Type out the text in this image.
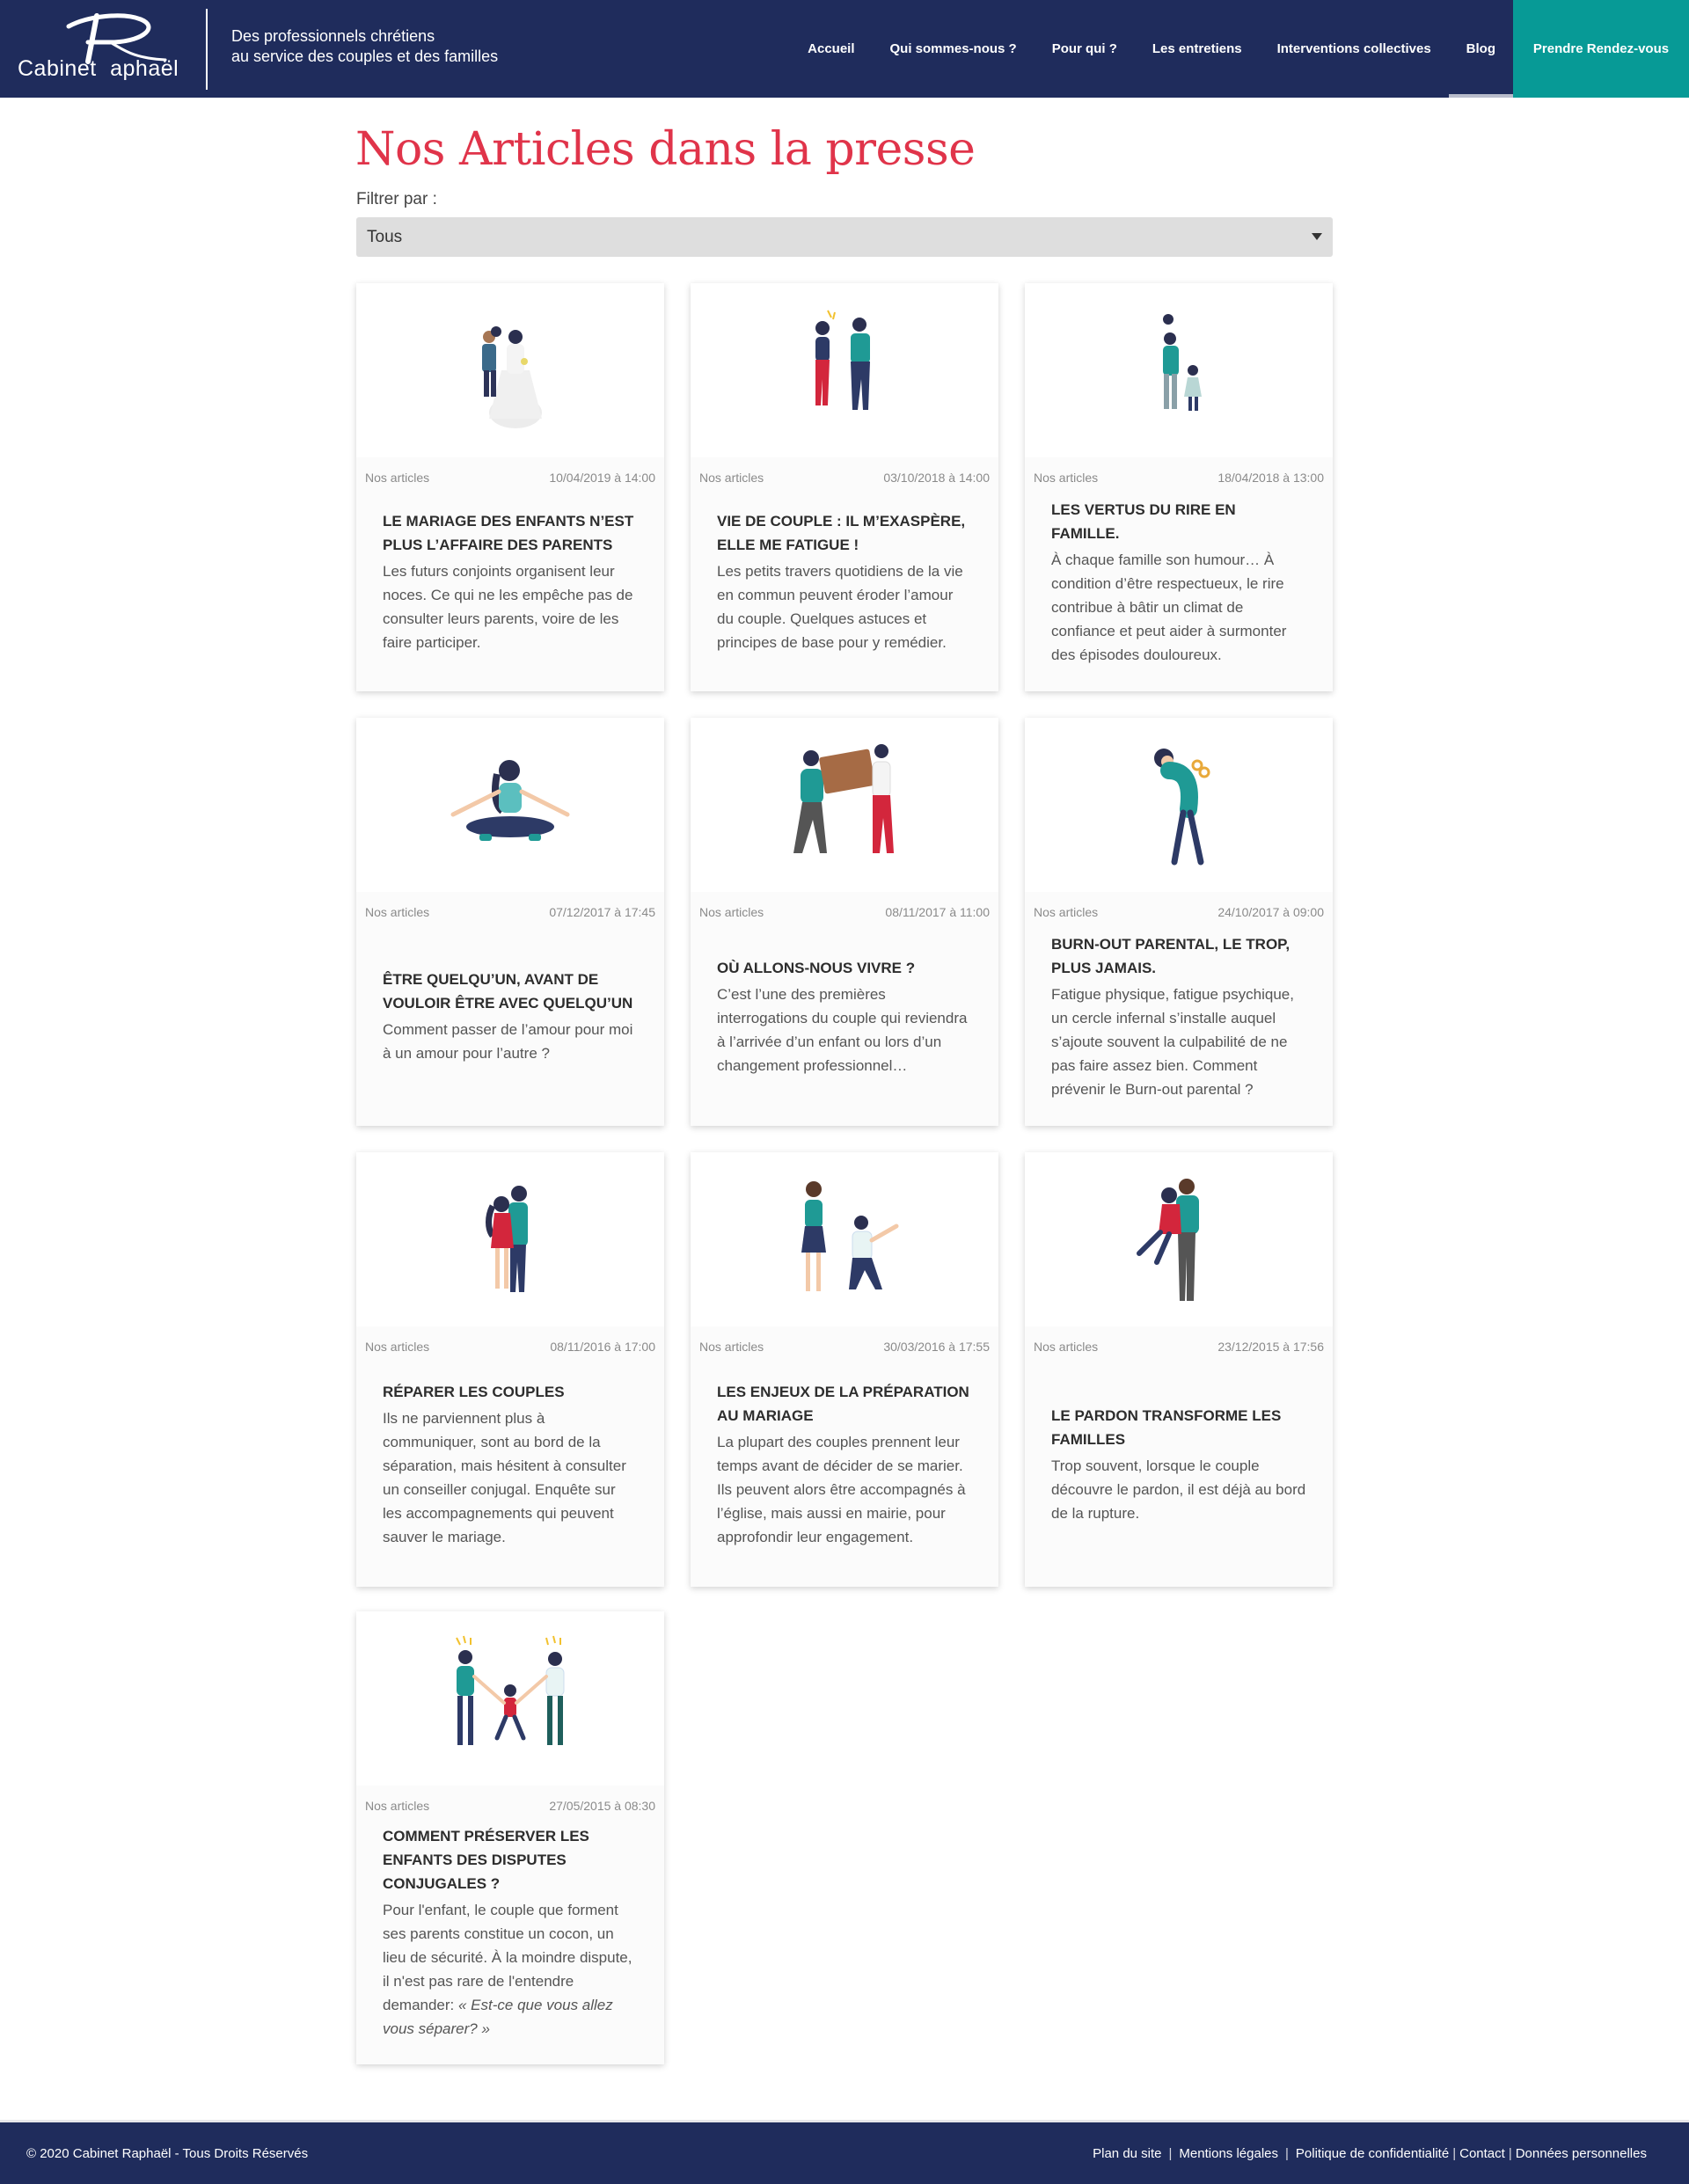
Cabinet aphaël
Des professionnels chrétiens
au service des couples et des familles	Accueil	Qui sommes-nous ?	Pour qui ?	Les entretiens	Interventions collectives	Blog	Prendre Rendez-vous
Nos Articles dans la presse
Filtrer par :
Tous
Nos articles	10/04/2019 à 14:00
LE MARIAGE DES ENFANTS N’EST PLUS L’AFFAIRE DES PARENTS
Les futurs conjoints organisent leur noces. Ce qui ne les empêche pas de consulter leurs parents, voire de les faire participer.
Nos articles	03/10/2018 à 14:00
VIE DE COUPLE : IL M’EXASPÈRE, ELLE ME FATIGUE !
Les petits travers quotidiens de la vie en commun peuvent éroder l’amour du couple. Quelques astuces et principes de base pour y remédier.
Nos articles	18/04/2018 à 13:00
LES VERTUS DU RIRE EN FAMILLE.
À chaque famille son humour… À condition d’être respectueux, le rire contribue à bâtir un climat de confiance et peut aider à surmonter des épisodes douloureux.
Nos articles	07/12/2017 à 17:45
ÊTRE QUELQU’UN, AVANT DE VOULOIR ÊTRE AVEC QUELQU’UN
Comment passer de l’amour pour moi à un amour pour l’autre ?
Nos articles	08/11/2017 à 11:00
OÙ ALLONS-NOUS VIVRE ?
C’est l’une des premières interrogations du couple qui reviendra à l’arrivée d’un enfant ou lors d’un changement professionnel…
Nos articles	24/10/2017 à 09:00
BURN-OUT PARENTAL, LE TROP, PLUS JAMAIS.
Fatigue physique, fatigue psychique, un cercle infernal s’installe auquel s’ajoute souvent la culpabilité de ne pas faire assez bien. Comment prévenir le Burn-out parental ?
Nos articles	08/11/2016 à 17:00
RÉPARER LES COUPLES
Ils ne parviennent plus à communiquer, sont au bord de la séparation, mais hésitent à consulter un conseiller conjugal. Enquête sur les accompagnements qui peuvent sauver le mariage.
Nos articles	30/03/2016 à 17:55
LES ENJEUX DE LA PRÉPARATION AU MARIAGE
La plupart des couples prennent leur temps avant de décider de se marier. Ils peuvent alors être accompagnés à l’église, mais aussi en mairie, pour approfondir leur engagement.
Nos articles	23/12/2015 à 17:56
LE PARDON TRANSFORME LES FAMILLES
Trop souvent, lorsque le couple découvre le pardon, il est déjà au bord de la rupture.
Nos articles	27/05/2015 à 08:30
COMMENT PRÉSERVER LES ENFANTS DES DISPUTES CONJUGALES ?
Pour l'enfant, le couple que forment ses parents constitue un cocon, un lieu de sécurité. À la moindre dispute, il n'est pas rare de l'entendre demander: « Est-ce que vous allez vous séparer? »
© 2020 Cabinet Raphaël - Tous Droits Réservés	Plan du site | Mentions légales | Politique de confidentialité | Contact | Données personnelles
